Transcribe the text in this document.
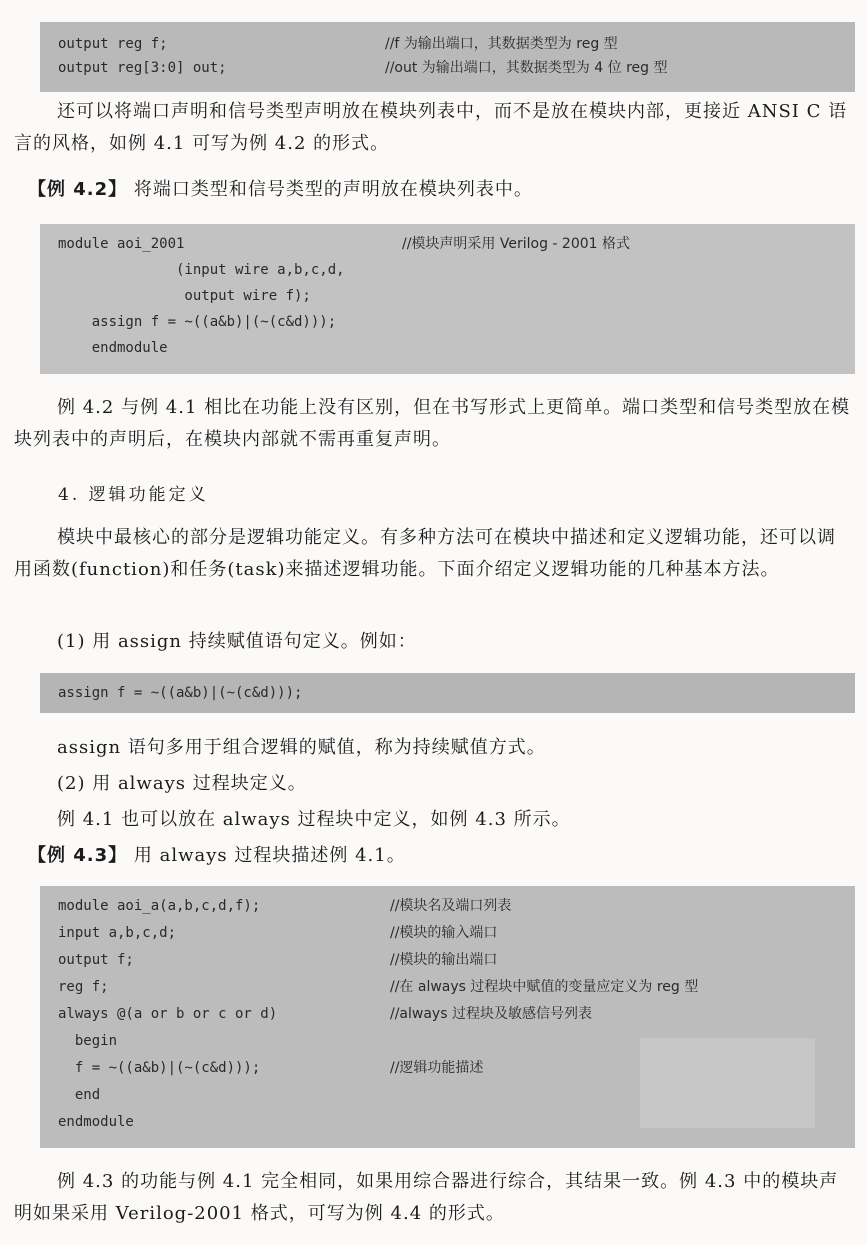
output reg f;	//f 为输出端口，其数据类型为 reg 型
output reg[3:0] out;	//out 为输出端口，其数据类型为 4 位 reg 型

还可以将端口声明和信号类型声明放在模块列表中，而不是放在模块内部，更接近 ANSI C 语言的风格，如例 4.1 可写为例 4.2 的形式。

【例 4.2】 将端口类型和信号类型的声明放在模块列表中。

module aoi_2001	//模块声明采用 Verilog - 2001 格式
(input wire a,b,c,d,
output wire f);
assign f = ~((a&b)|(~(c&d)));
endmodule

例 4.2 与例 4.1 相比在功能上没有区别，但在书写形式上更简单。端口类型和信号类型放在模块列表中的声明后，在模块内部就不需再重复声明。

4. 逻辑功能定义

模块中最核心的部分是逻辑功能定义。有多种方法可在模块中描述和定义逻辑功能，还可以调用函数(function)和任务(task)来描述逻辑功能。下面介绍定义逻辑功能的几种基本方法。

(1) 用 assign 持续赋值语句定义。例如：

assign f = ~((a&b)|(~(c&d)));

assign 语句多用于组合逻辑的赋值，称为持续赋值方式。

(2) 用 always 过程块定义。

例 4.1 也可以放在 always 过程块中定义，如例 4.3 所示。

【例 4.3】 用 always 过程块描述例 4.1。

module aoi_a(a,b,c,d,f);	//模块名及端口列表
input a,b,c,d;	//模块的输入端口
output f;	//模块的输出端口
reg f;	//在 always 过程块中赋值的变量应定义为 reg 型
always @(a or b or c or d)	//always 过程块及敏感信号列表
begin
f = ~((a&b)|(~(c&d)));	//逻辑功能描述
end
endmodule

例 4.3 的功能与例 4.1 完全相同，如果用综合器进行综合，其结果一致。例 4.3 中的模块声明如果采用 Verilog-2001 格式，可写为例 4.4 的形式。
